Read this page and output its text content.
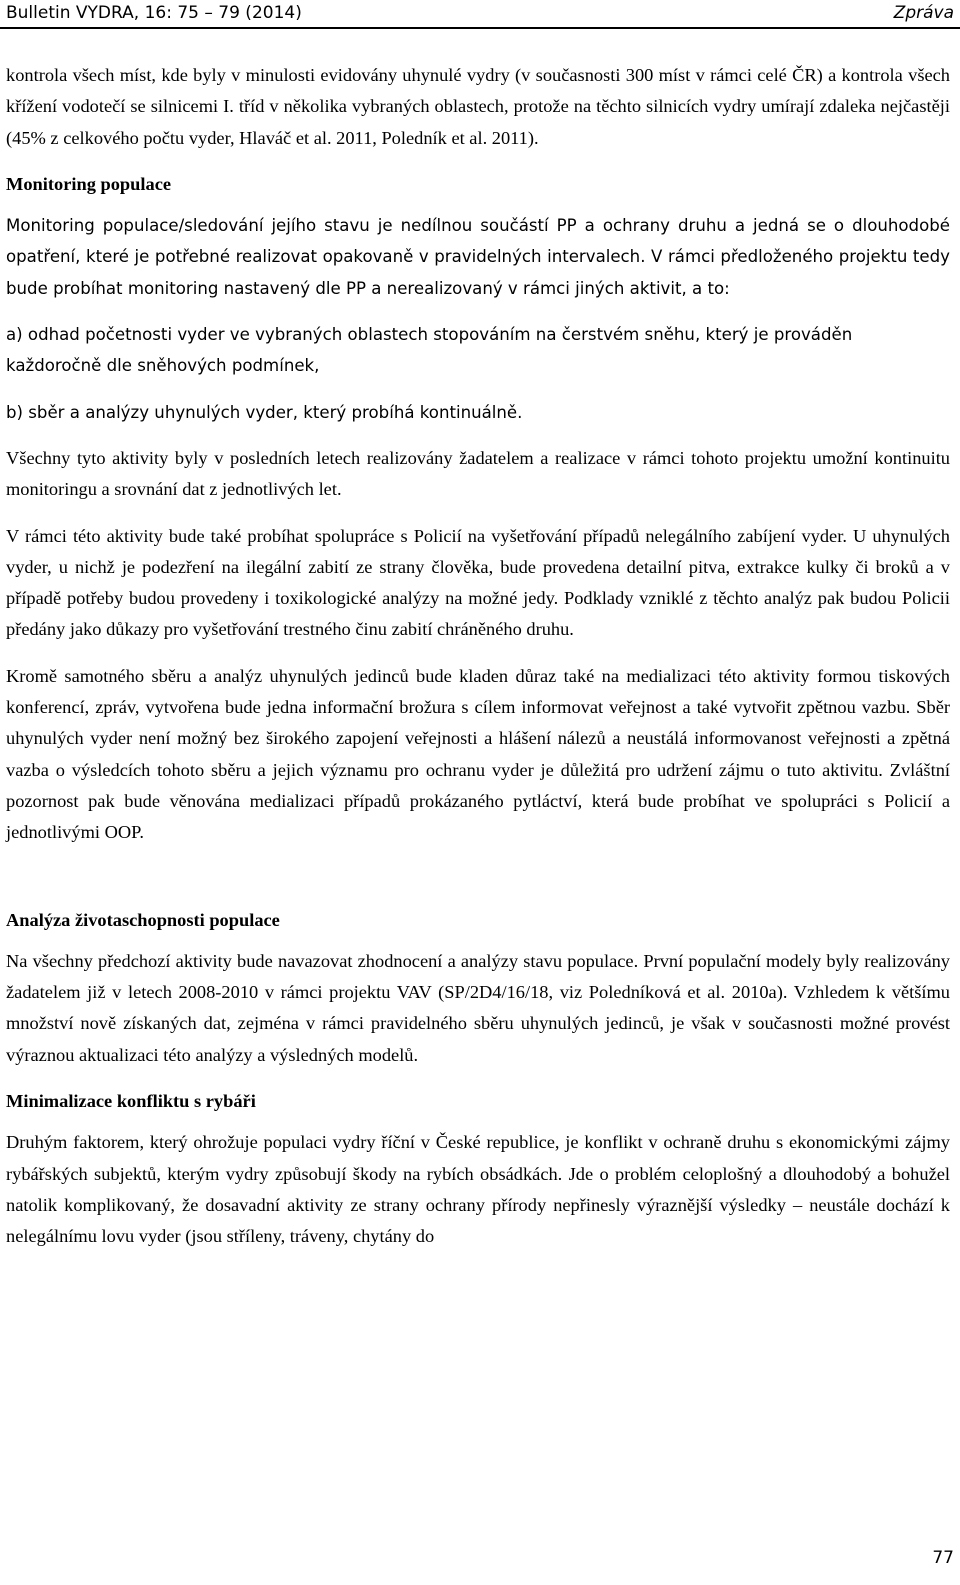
Bulletin VYDRA, 16: 75 – 79 (2014)	Zpráva

kontrola všech míst, kde byly v minulosti evidovány uhynulé vydry (v současnosti 300 míst v rámci celé ČR) a kontrola všech křížení vodotečí se silnicemi I. tříd v několika vybraných oblastech, protože na těchto silnicích vydry umírají zdaleka nejčastěji (45% z celkového počtu vyder, Hlaváč et al. 2011, Poledník et al. 2011).

Monitoring populace

Monitoring populace/sledování jejího stavu je nedílnou součástí PP a ochrany druhu a jedná se o dlouhodobé opatření, které je potřebné realizovat opakovaně v pravidelných intervalech. V rámci předloženého projektu tedy bude probíhat monitoring nastavený dle PP a nerealizovaný v rámci jiných aktivit, a to:

a) odhad početnosti vyder ve vybraných oblastech stopováním na čerstvém sněhu, který je prováděn každoročně dle sněhových podmínek,

b) sběr a analýzy uhynulých vyder, který probíhá kontinuálně.

Všechny tyto aktivity byly v posledních letech realizovány žadatelem a realizace v rámci tohoto projektu umožní kontinuitu monitoringu a srovnání dat z jednotlivých let.

V rámci této aktivity bude také probíhat spolupráce s Policií na vyšetřování případů nelegálního zabíjení vyder. U uhynulých vyder, u nichž je podezření na ilegální zabití ze strany člověka, bude provedena detailní pitva, extrakce kulky či broků a v případě potřeby budou provedeny i toxikologické analýzy na možné jedy. Podklady vzniklé z těchto analýz pak budou Policii předány jako důkazy pro vyšetřování trestného činu zabití chráněného druhu.

Kromě samotného sběru a analýz uhynulých jedinců bude kladen důraz také na medializaci této aktivity formou tiskových konferencí, zpráv, vytvořena bude jedna informační brožura s cílem informovat veřejnost a také vytvořit zpětnou vazbu. Sběr uhynulých vyder není možný bez širokého zapojení veřejnosti a hlášení nálezů a neustálá informovanost veřejnosti a zpětná vazba o výsledcích tohoto sběru a jejich významu pro ochranu vyder je důležitá pro udržení zájmu o tuto aktivitu. Zvláštní pozornost pak bude věnována medializaci případů prokázaného pytláctví, která bude probíhat ve spolupráci s Policií a jednotlivými OOP.

Analýza životaschopnosti populace

Na všechny předchozí aktivity bude navazovat zhodnocení a analýzy stavu populace. První populační modely byly realizovány žadatelem již v letech 2008-2010 v rámci projektu VAV (SP/2D4/16/18, viz Poledníková et al. 2010a). Vzhledem k většímu množství nově získaných dat, zejména v rámci pravidelného sběru uhynulých jedinců, je však v současnosti možné provést výraznou aktualizaci této analýzy a výsledných modelů.

Minimalizace konfliktu s rybáři

Druhým faktorem, který ohrožuje populaci vydry říční v České republice, je konflikt v ochraně druhu s ekonomickými zájmy rybářských subjektů, kterým vydry způsobují škody na rybích obsádkách. Jde o problém celoplošný a dlouhodobý a bohužel natolik komplikovaný, že dosavadní aktivity ze strany ochrany přírody nepřinesly výraznější výsledky – neustále dochází k nelegálnímu lovu vyder (jsou stříleny, tráveny, chytány do

77
